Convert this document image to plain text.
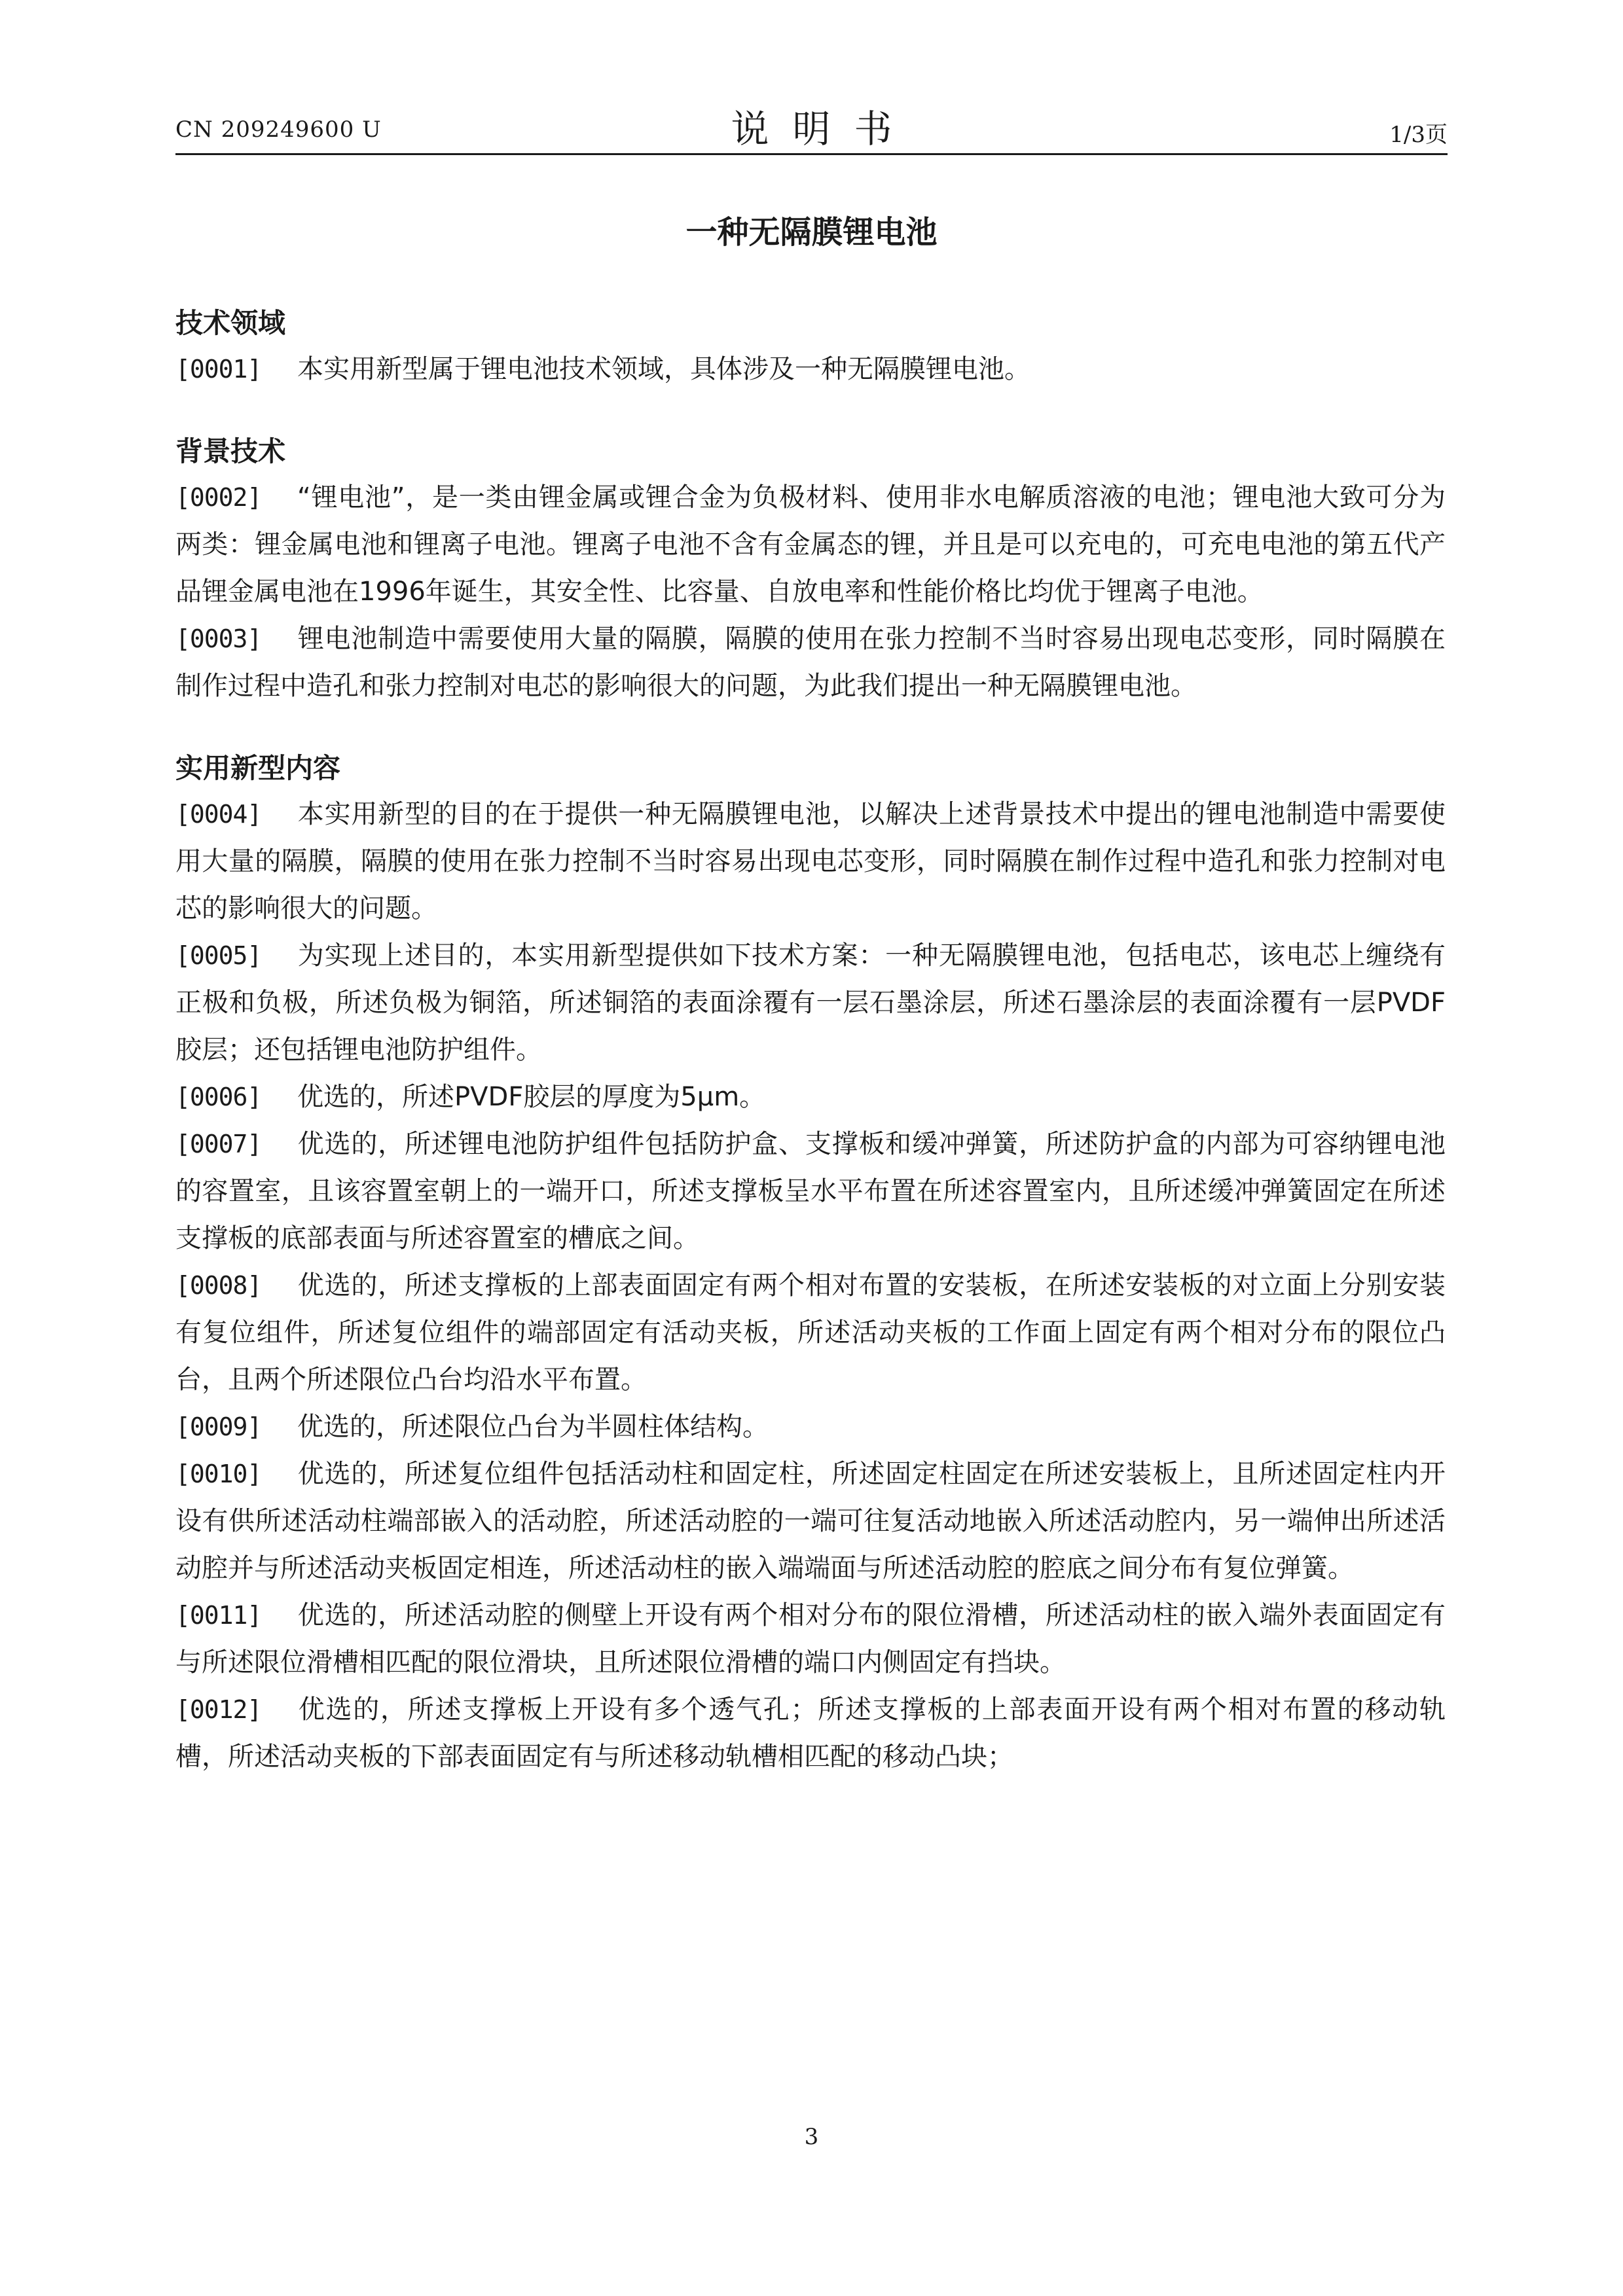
CN 209249600 U	说明书	1/3页
一种无隔膜锂电池
技术领域

[0001] 本实用新型属于锂电池技术领域，具体涉及一种无隔膜锂电池。

背景技术

[0002] “锂电池”，是一类由锂金属或锂合金为负极材料、使用非水电解质溶液的电池；锂电池大致可分为两类：锂金属电池和锂离子电池。锂离子电池不含有金属态的锂，并且是可以充电的，可充电电池的第五代产品锂金属电池在1996年诞生，其安全性、比容量、自放电率和性能价格比均优于锂离子电池。

[0003] 锂电池制造中需要使用大量的隔膜，隔膜的使用在张力控制不当时容易出现电芯变形，同时隔膜在制作过程中造孔和张力控制对电芯的影响很大的问题，为此我们提出一种无隔膜锂电池。

实用新型内容

[0004] 本实用新型的目的在于提供一种无隔膜锂电池，以解决上述背景技术中提出的锂电池制造中需要使用大量的隔膜，隔膜的使用在张力控制不当时容易出现电芯变形，同时隔膜在制作过程中造孔和张力控制对电芯的影响很大的问题。

[0005] 为实现上述目的，本实用新型提供如下技术方案：一种无隔膜锂电池，包括电芯，该电芯上缠绕有正极和负极，所述负极为铜箔，所述铜箔的表面涂覆有一层石墨涂层，所述石墨涂层的表面涂覆有一层PVDF胶层；还包括锂电池防护组件。

[0006] 优选的，所述PVDF胶层的厚度为5μm。

[0007] 优选的，所述锂电池防护组件包括防护盒、支撑板和缓冲弹簧，所述防护盒的内部为可容纳锂电池的容置室，且该容置室朝上的一端开口，所述支撑板呈水平布置在所述容置室内，且所述缓冲弹簧固定在所述支撑板的底部表面与所述容置室的槽底之间。

[0008] 优选的，所述支撑板的上部表面固定有两个相对布置的安装板，在所述安装板的对立面上分别安装有复位组件，所述复位组件的端部固定有活动夹板，所述活动夹板的工作面上固定有两个相对分布的限位凸台，且两个所述限位凸台均沿水平布置。

[0009] 优选的，所述限位凸台为半圆柱体结构。

[0010] 优选的，所述复位组件包括活动柱和固定柱，所述固定柱固定在所述安装板上，且所述固定柱内开设有供所述活动柱端部嵌入的活动腔，所述活动腔的一端可往复活动地嵌入所述活动腔内，另一端伸出所述活动腔并与所述活动夹板固定相连，所述活动柱的嵌入端端面与所述活动腔的腔底之间分布有复位弹簧。

[0011] 优选的，所述活动腔的侧壁上开设有两个相对分布的限位滑槽，所述活动柱的嵌入端外表面固定有与所述限位滑槽相匹配的限位滑块，且所述限位滑槽的端口内侧固定有挡块。

[0012] 优选的，所述支撑板上开设有多个透气孔；所述支撑板的上部表面开设有两个相对布置的移动轨槽，所述活动夹板的下部表面固定有与所述移动轨槽相匹配的移动凸块；

3
